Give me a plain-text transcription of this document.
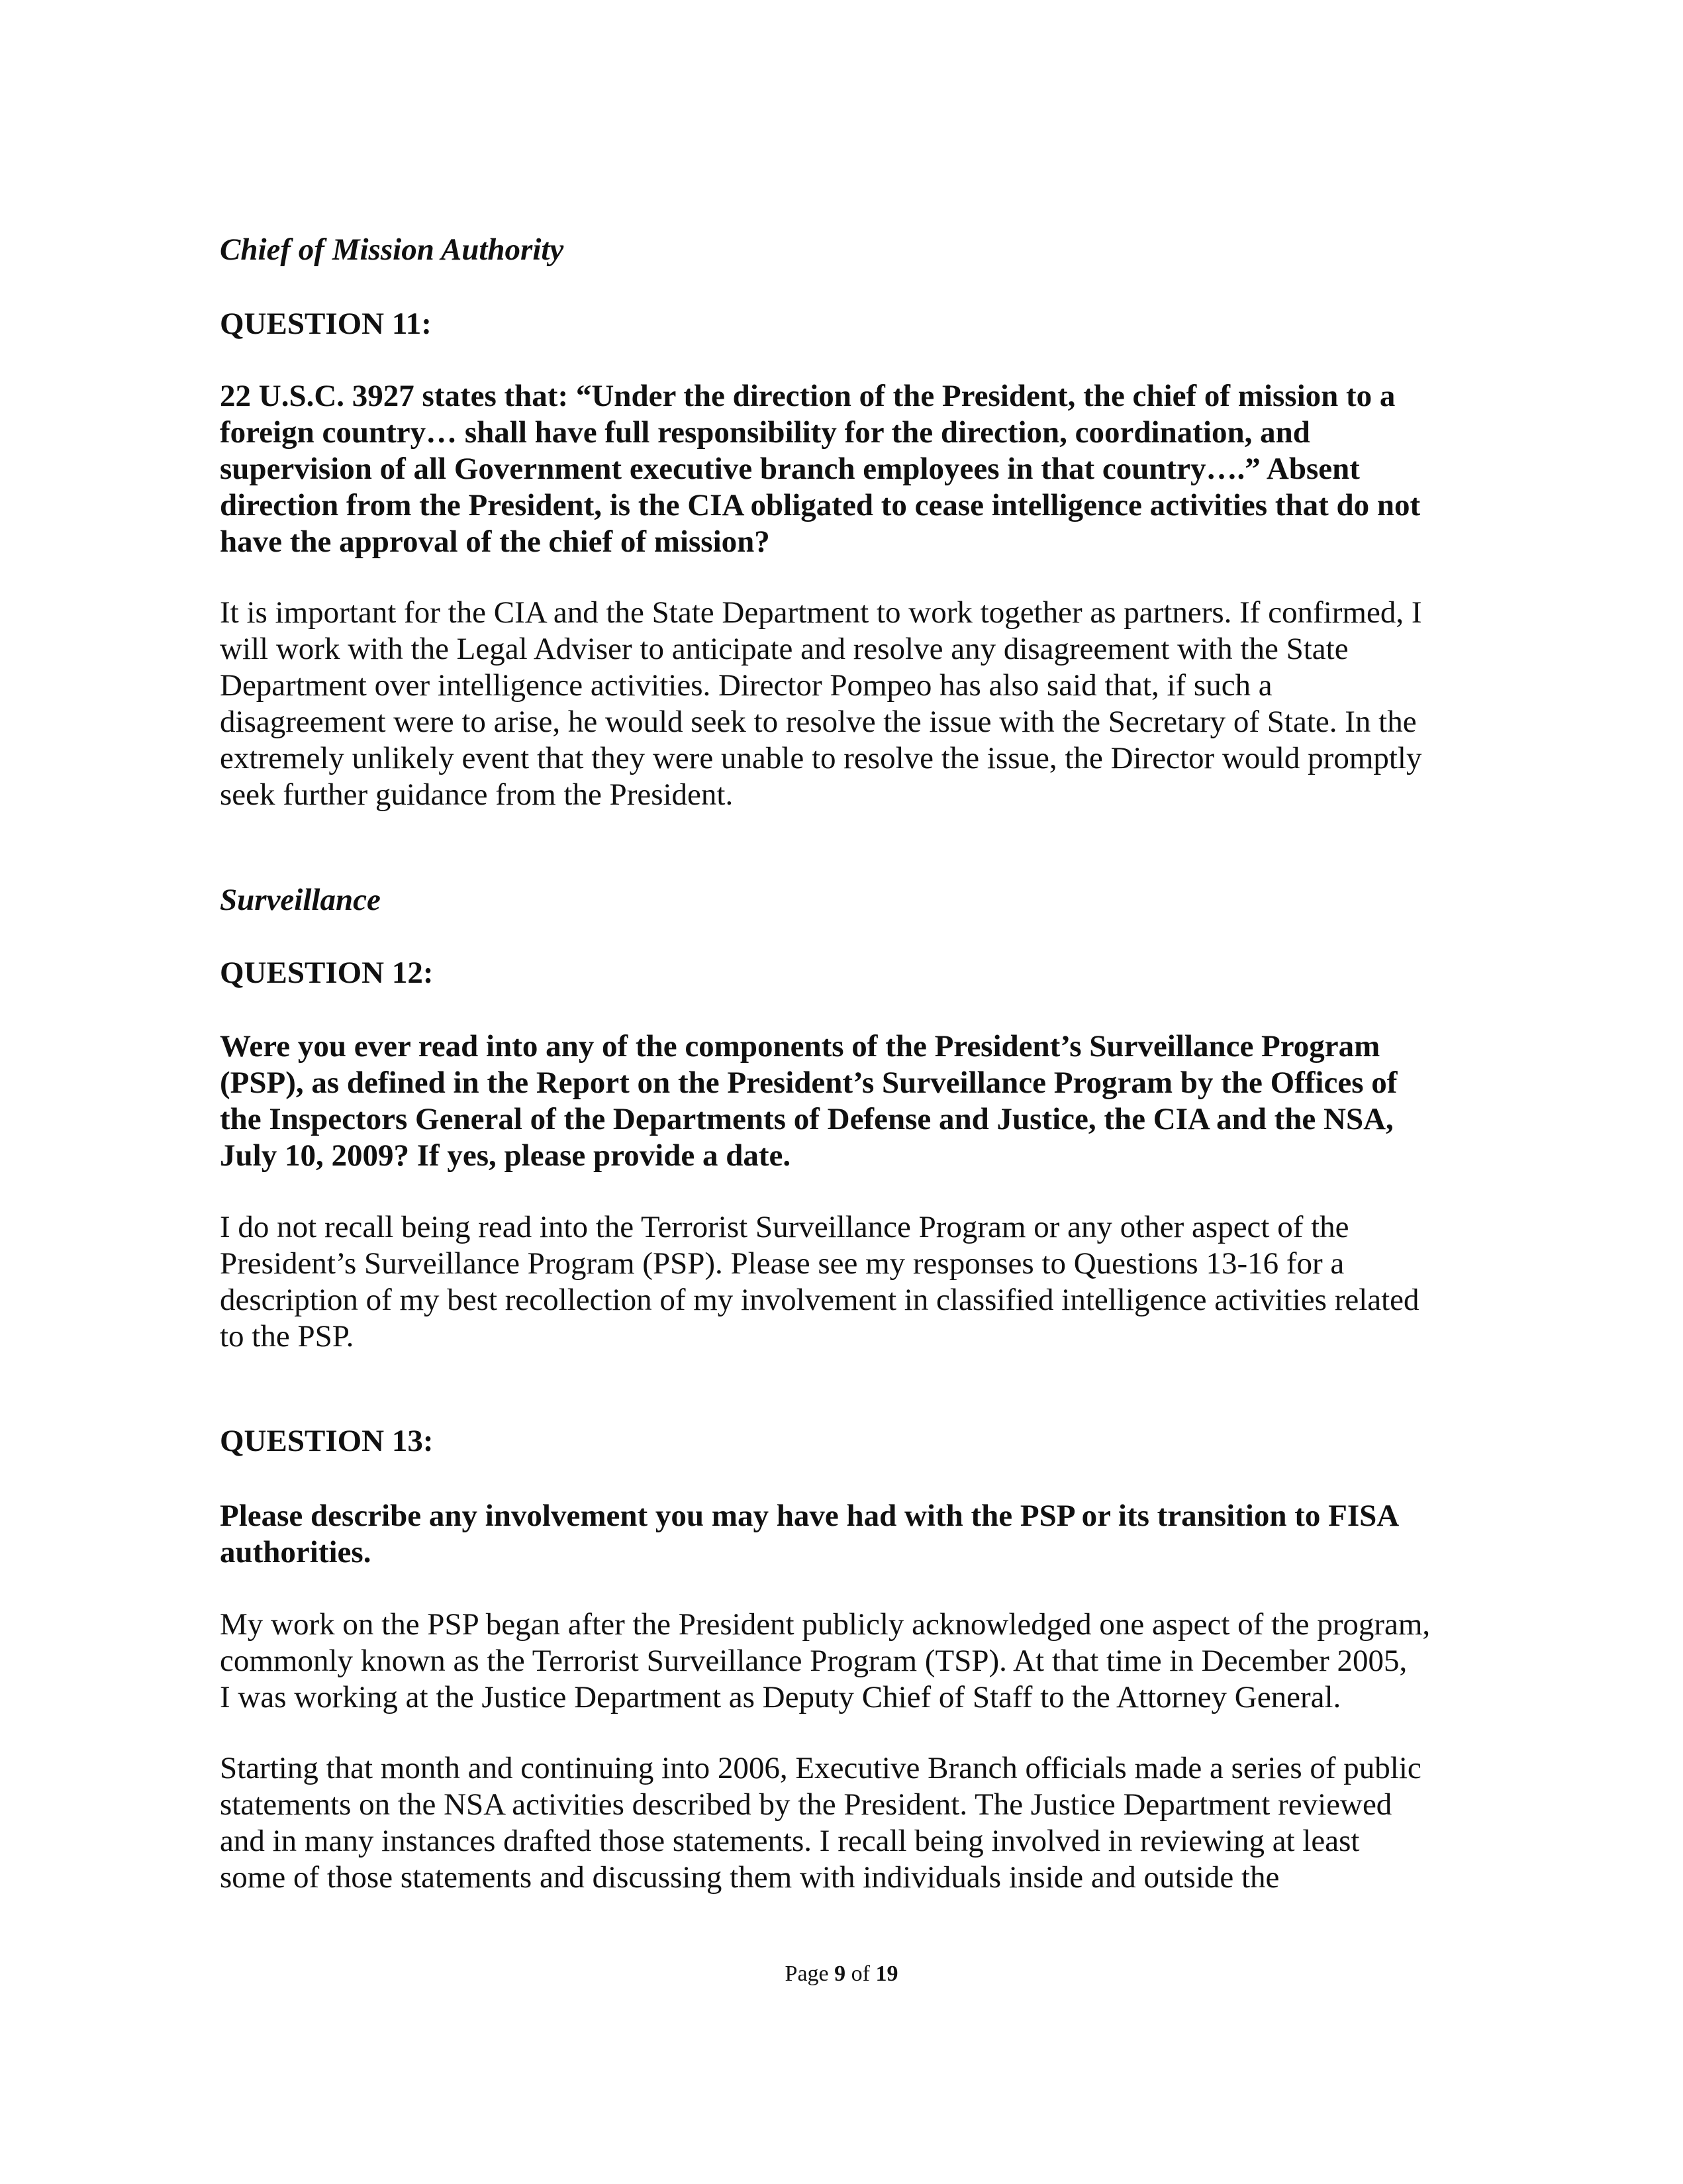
Chief of Mission Authority
QUESTION 11:
22 U.S.C. 3927 states that: “Under the direction of the President, the chief of mission to a
foreign country… shall have full responsibility for the direction, coordination, and
supervision of all Government executive branch employees in that country….” Absent
direction from the President, is the CIA obligated to cease intelligence activities that do not
have the approval of the chief of mission?
It is important for the CIA and the State Department to work together as partners. If confirmed, I
will work with the Legal Adviser to anticipate and resolve any disagreement with the State
Department over intelligence activities. Director Pompeo has also said that, if such a
disagreement were to arise, he would seek to resolve the issue with the Secretary of State. In the
extremely unlikely event that they were unable to resolve the issue, the Director would promptly
seek further guidance from the President.
Surveillance
QUESTION 12:
Were you ever read into any of the components of the President’s Surveillance Program
(PSP), as defined in the Report on the President’s Surveillance Program by the Offices of
the Inspectors General of the Departments of Defense and Justice, the CIA and the NSA,
July 10, 2009? If yes, please provide a date.
I do not recall being read into the Terrorist Surveillance Program or any other aspect of the
President’s Surveillance Program (PSP). Please see my responses to Questions 13-16 for a
description of my best recollection of my involvement in classified intelligence activities related
to the PSP.
QUESTION 13:
Please describe any involvement you may have had with the PSP or its transition to FISA
authorities.
My work on the PSP began after the President publicly acknowledged one aspect of the program,
commonly known as the Terrorist Surveillance Program (TSP). At that time in December 2005,
I was working at the Justice Department as Deputy Chief of Staff to the Attorney General.
Starting that month and continuing into 2006, Executive Branch officials made a series of public
statements on the NSA activities described by the President. The Justice Department reviewed
and in many instances drafted those statements. I recall being involved in reviewing at least
some of those statements and discussing them with individuals inside and outside the
Page 9 of 19
